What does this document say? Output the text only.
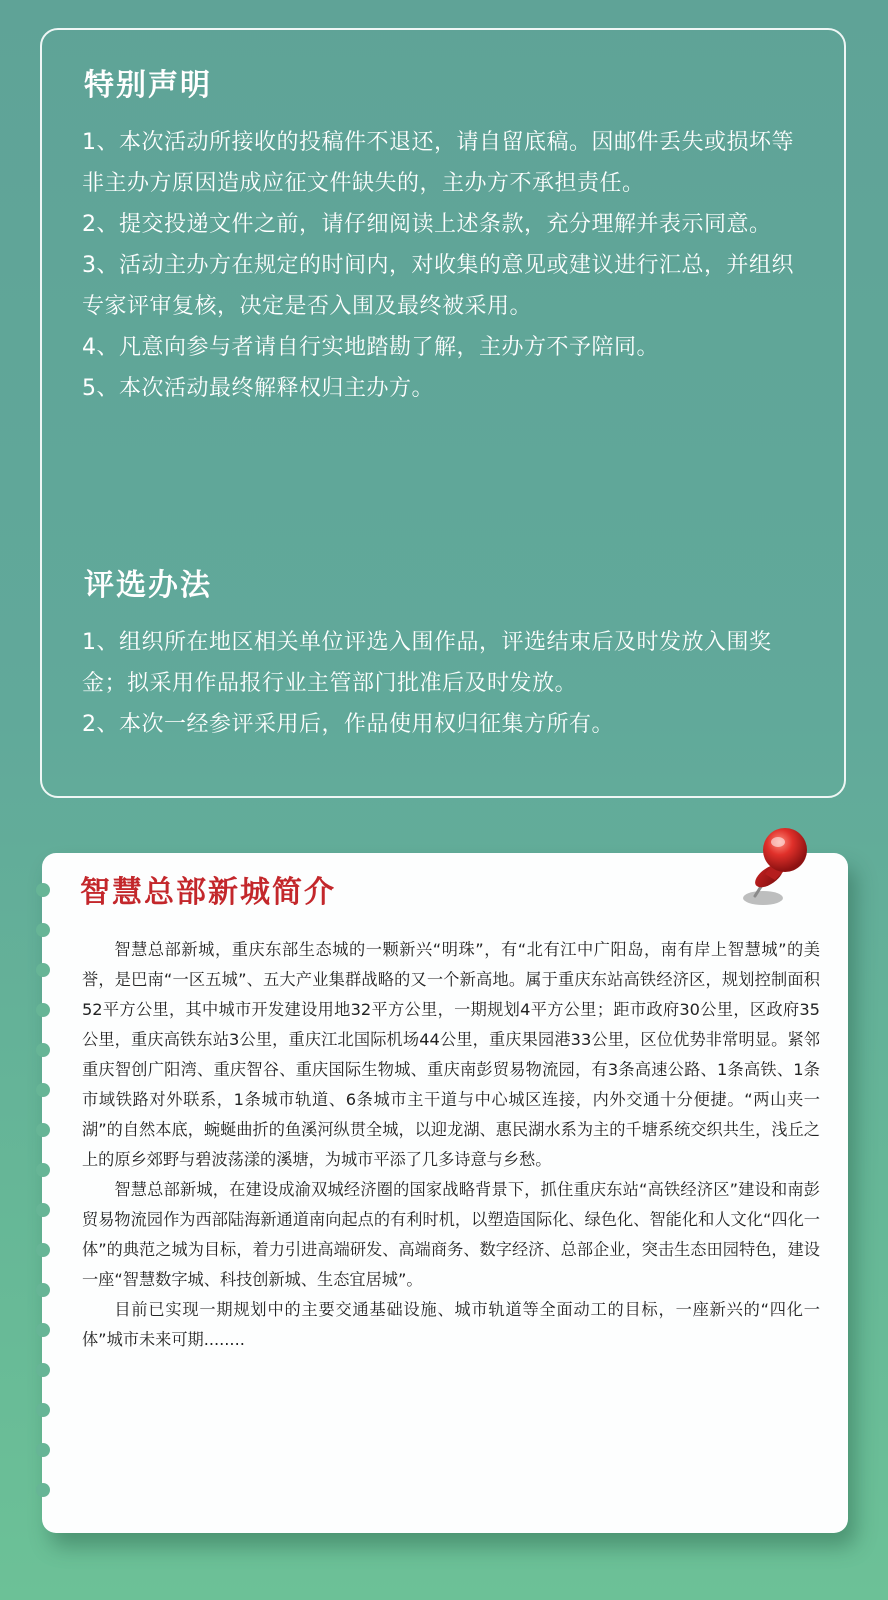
特别声明

1、本次活动所接收的投稿件不退还，请自留底稿。因邮件丢失或损坏等非主办方原因造成应征文件缺失的，主办方不承担责任。

2、提交投递文件之前，请仔细阅读上述条款，充分理解并表示同意。

3、活动主办方在规定的时间内，对收集的意见或建议进行汇总，并组织专家评审复核，决定是否入围及最终被采用。

4、凡意向参与者请自行实地踏勘了解，主办方不予陪同。

5、本次活动最终解释权归主办方。

评选办法

1、组织所在地区相关单位评选入围作品，评选结束后及时发放入围奖金；拟采用作品报行业主管部门批准后及时发放。

2、本次一经参评采用后，作品使用权归征集方所有。

智慧总部新城简介

智慧总部新城，重庆东部生态城的一颗新兴“明珠”，有“北有江中广阳岛，南有岸上智慧城”的美誉，是巴南“一区五城”、五大产业集群战略的又一个新高地。属于重庆东站高铁经济区，规划控制面积52平方公里，其中城市开发建设用地32平方公里，一期规划4平方公里；距市政府30公里，区政府35公里，重庆高铁东站3公里，重庆江北国际机场44公里，重庆果园港33公里，区位优势非常明显。紧邻重庆智创广阳湾、重庆智谷、重庆国际生物城、重庆南彭贸易物流园，有3条高速公路、1条高铁、1条市域铁路对外联系，1条城市轨道、6条城市主干道与中心城区连接，内外交通十分便捷。“两山夹一湖”的自然本底，蜿蜒曲折的鱼溪河纵贯全城，以迎龙湖、惠民湖水系为主的千塘系统交织共生，浅丘之上的原乡郊野与碧波荡漾的溪塘，为城市平添了几多诗意与乡愁。

智慧总部新城，在建设成渝双城经济圈的国家战略背景下，抓住重庆东站“高铁经济区”建设和南彭贸易物流园作为西部陆海新通道南向起点的有利时机，以塑造国际化、绿色化、智能化和人文化“四化一体”的典范之城为目标，着力引进高端研发、高端商务、数字经济、总部企业，突击生态田园特色，建设一座“智慧数字城、科技创新城、生态宜居城”。

目前已实现一期规划中的主要交通基础设施、城市轨道等全面动工的目标，一座新兴的“四化一体”城市未来可期........
